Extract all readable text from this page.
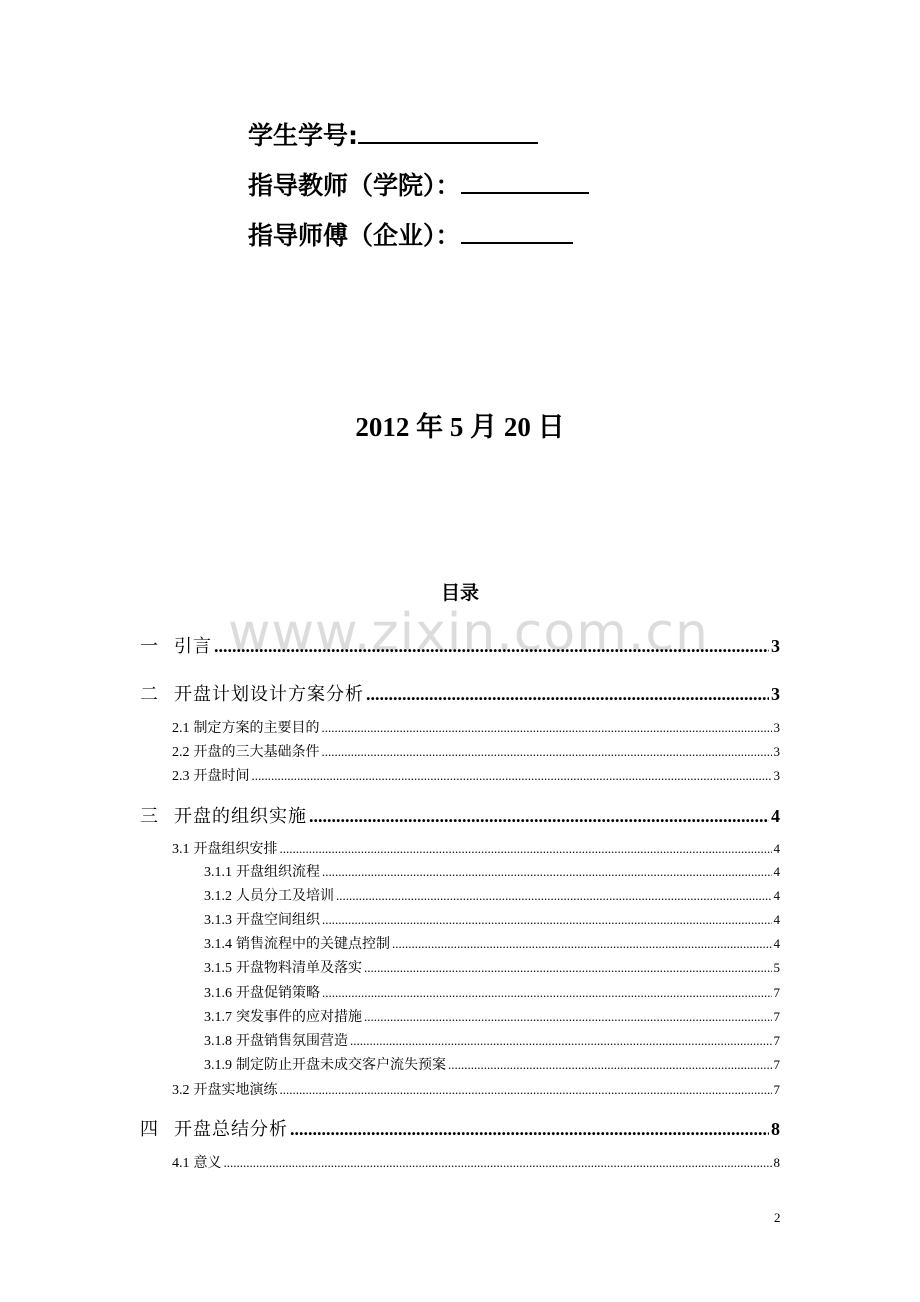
学生学号:
指导教师（学院）：
指导师傅（企业）：
2012 年 5 月 20 日
www.zixin.com.cn
目录
一 引言 .....	3
二 开盘计划设计方案分析 .....	3
2.1 制定方案的主要目的 .....	3
2.2 开盘的三大基础条件 .....	3
2.3 开盘时间 .....	3
三 开盘的组织实施 .....	4
3.1 开盘组织安排 .....	4
3.1.1 开盘组织流程 .....	4
3.1.2 人员分工及培训 .....	4
3.1.3 开盘空间组织 .....	4
3.1.4 销售流程中的关键点控制 .....	4
3.1.5 开盘物料清单及落实 .....	5
3.1.6 开盘促销策略 .....	7
3.1.7 突发事件的应对措施 .....	7
3.1.8 开盘销售氛围营造 .....	7
3.1.9 制定防止开盘未成交客户流失预案 .....	7
3.2 开盘实地演练 .....	7
四 开盘总结分析 .....	8
4.1 意义 .....	8
2
